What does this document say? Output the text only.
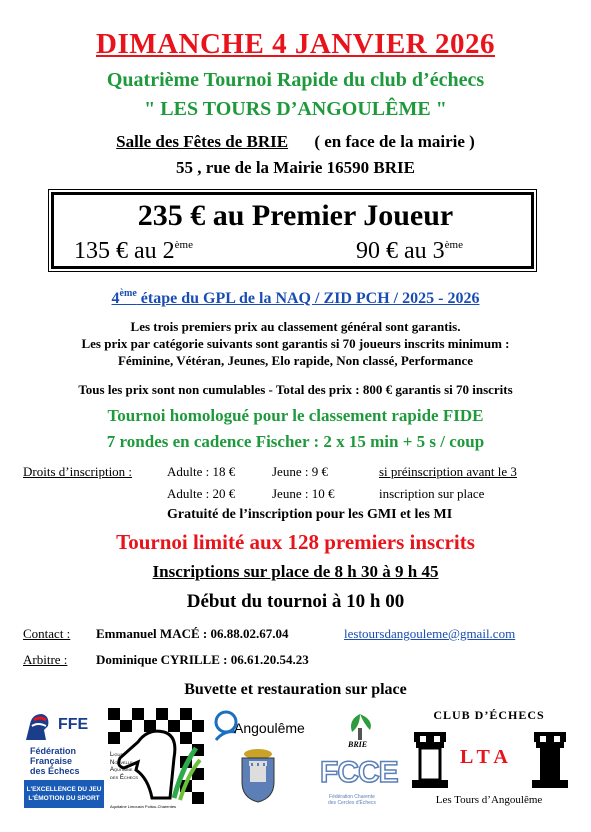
DIMANCHE 4 JANVIER 2026
Quatrième Tournoi Rapide du club d’échecs
" LES TOURS D’ANGOULÊME "
Salle des Fêtes de BRIE ( en face de la mairie )
55 , rue de la Mairie 16590 BRIE
235 € au Premier Joueur
135 € au 2ème	90 € au 3ème
4ème étape du GPL de la NAQ / ZID PCH / 2025 - 2026
Les trois premiers prix au classement général sont garantis.
Les prix par catégorie suivants sont garantis si 70 joueurs inscrits minimum :
Féminine, Vétéran, Jeunes, Elo rapide, Non classé, Performance
Tous les prix sont non cumulables - Total des prix : 800 € garantis si 70 inscrits
Tournoi homologué pour le classement rapide FIDE
7 rondes en cadence Fischer : 2 x 15 min + 5 s / coup
Droits d’inscription :	Adulte : 18 €	Jeune : 9 €	si préinscription avant le 3
Adulte : 20 €	Jeune : 10 €	inscription sur place
Gratuité de l’inscription pour les GMI et les MI
Tournoi limité aux 128 premiers inscrits
Inscriptions sur place de 8 h 30 à 9 h 45
Début du tournoi à 10 h 00
Contact : Emmanuel MACÉ : 06.88.02.67.04	lestoursdangouleme@gmail.com
Arbitre : Dominique CYRILLE : 06.61.20.54.23
Buvette et restauration sur place
FFE
Fédération
Française
des Échecs
L'EXCELLENCE DU JEU
L'ÉMOTION DU SPORT
Ligue
Nouvelle
Aquitaine
des Échecs
Aquitaine Limousin Poitou-Charentes
Angoulême
BRIE
FCCE
Fédération Charente
des Cercles d'Échecs
CLUB D’ÉCHECS
LTA
Les Tours d’Angoulême
